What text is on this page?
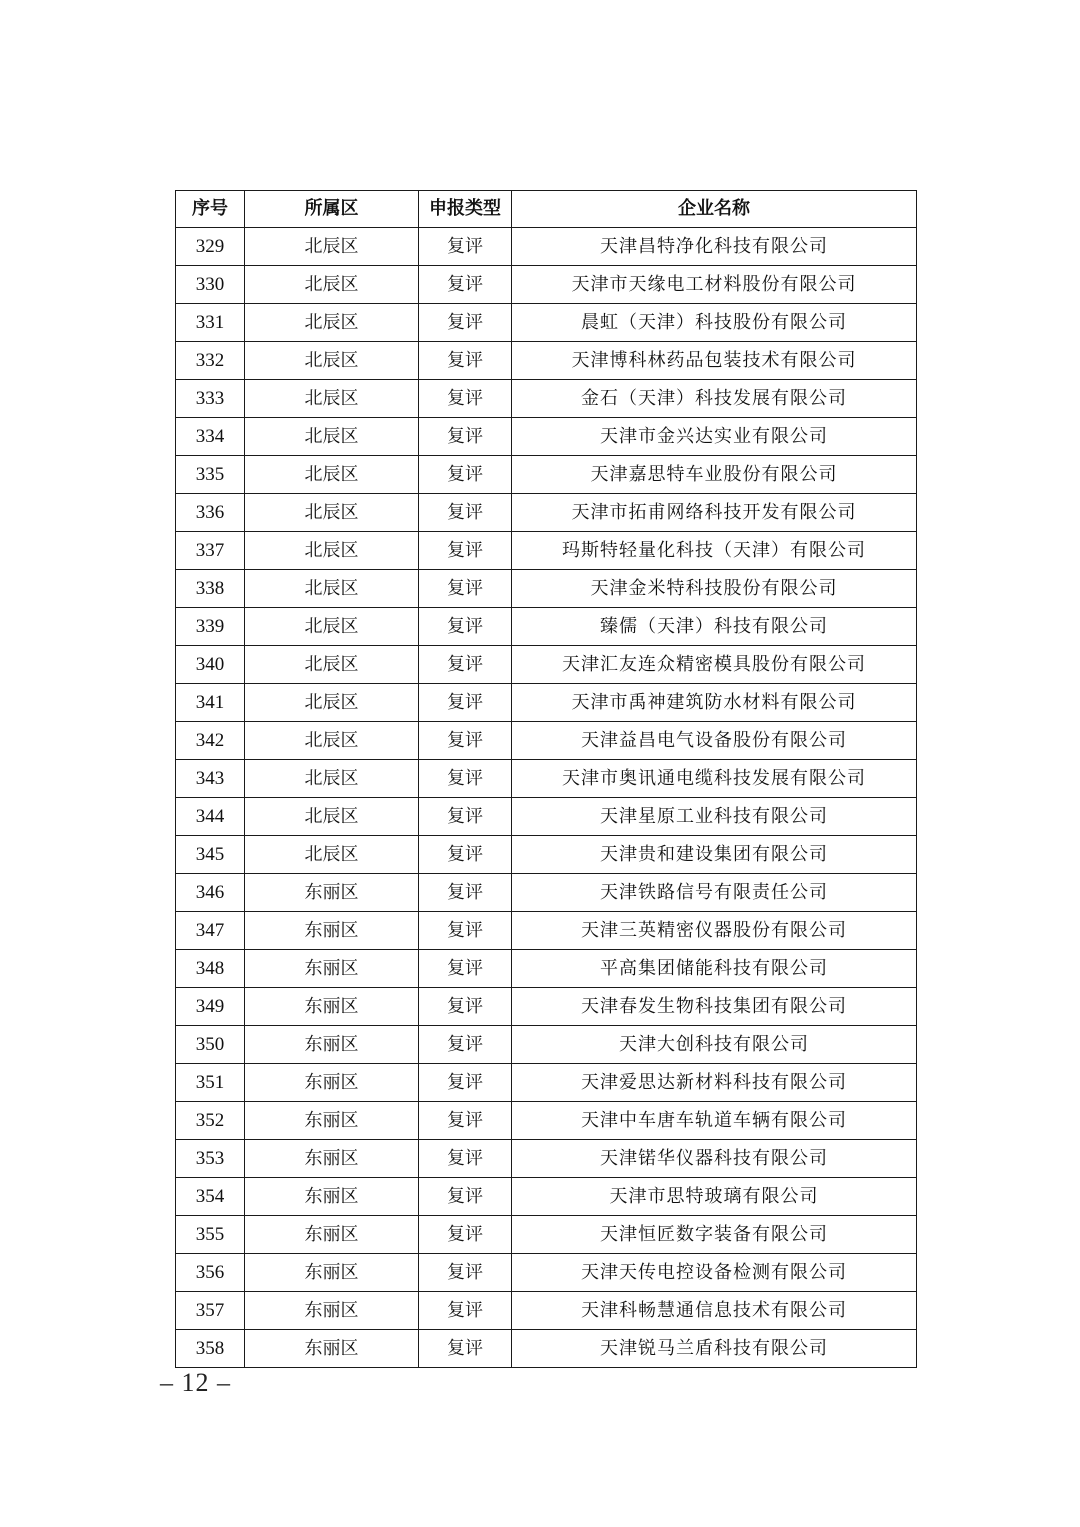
序号	所属区	申报类型	企业名称
329	北辰区	复评	天津昌特净化科技有限公司
330	北辰区	复评	天津市天缘电工材料股份有限公司
331	北辰区	复评	晨虹（天津）科技股份有限公司
332	北辰区	复评	天津博科林药品包装技术有限公司
333	北辰区	复评	金石（天津）科技发展有限公司
334	北辰区	复评	天津市金兴达实业有限公司
335	北辰区	复评	天津嘉思特车业股份有限公司
336	北辰区	复评	天津市拓甫网络科技开发有限公司
337	北辰区	复评	玛斯特轻量化科技（天津）有限公司
338	北辰区	复评	天津金米特科技股份有限公司
339	北辰区	复评	臻儒（天津）科技有限公司
340	北辰区	复评	天津汇友连众精密模具股份有限公司
341	北辰区	复评	天津市禹神建筑防水材料有限公司
342	北辰区	复评	天津益昌电气设备股份有限公司
343	北辰区	复评	天津市奥讯通电缆科技发展有限公司
344	北辰区	复评	天津星原工业科技有限公司
345	北辰区	复评	天津贵和建设集团有限公司
346	东丽区	复评	天津铁路信号有限责任公司
347	东丽区	复评	天津三英精密仪器股份有限公司
348	东丽区	复评	平高集团储能科技有限公司
349	东丽区	复评	天津春发生物科技集团有限公司
350	东丽区	复评	天津大创科技有限公司
351	东丽区	复评	天津爱思达新材料科技有限公司
352	东丽区	复评	天津中车唐车轨道车辆有限公司
353	东丽区	复评	天津锘华仪器科技有限公司
354	东丽区	复评	天津市思特玻璃有限公司
355	东丽区	复评	天津恒匠数字装备有限公司
356	东丽区	复评	天津天传电控设备检测有限公司
357	东丽区	复评	天津科畅慧通信息技术有限公司
358	东丽区	复评	天津锐马兰盾科技有限公司
– 12 –
